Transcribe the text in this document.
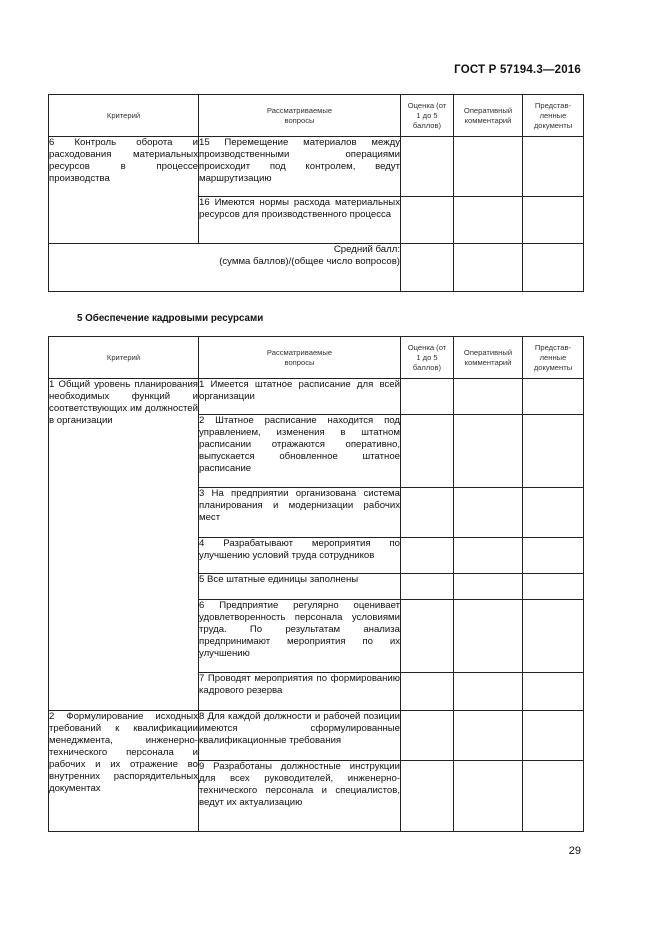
ГОСТ Р 57194.3—2016
Критерий	Рассматриваемые вопросы	Оценка (от 1 до 5 баллов)	Оперативный комментарий	Представ-ленные документы

6 Контроль оборота и расходования материальных ресурсов в процессе производства	15 Перемещение материалов между производственными операциями происходит под контролем, ведут маршрутизацию			
	16 Имеются нормы расхода материальных ресурсов для производственного процесса			

Средний балл:
(сумма баллов)/(общее число вопросов)				

5 Обеспечение кадровыми ресурсами
Критерий	Рассматриваемые вопросы	Оценка (от 1 до 5 баллов)	Оперативный комментарий	Представ-ленные документы

1 Общий уровень планирования необходимых функций и соответствующих им должностей в организации	1 Имеется штатное расписание для всей организации			
	2 Штатное расписание находится под управлением, изменения в штатном расписании отражаются оперативно, выпускается обновленное штатное расписание			
	3 На предприятии организована система планирования и модернизации рабочих мест			
	4 Разрабатывают мероприятия по улучшению условий труда сотрудников			
	5 Все штатные единицы заполнены			
	6 Предприятие регулярно оценивает удовлетворенность персонала условиями труда. По результатам анализа предпринимают мероприятия по их улучшению			
	7 Проводят мероприятия по формированию кадрового резерва			
2 Формулирование исходных требований к квалификации менеджмента, инженерно-технического персонала и рабочих и их отражение во внутренних распорядительных документах	8 Для каждой должности и рабочей позиции имеются сформулированные квалификационные требования			
	9 Разработаны должностные инструкции для всех руководителей, инженерно-технического персонала и специалистов, ведут их актуализацию			
29
